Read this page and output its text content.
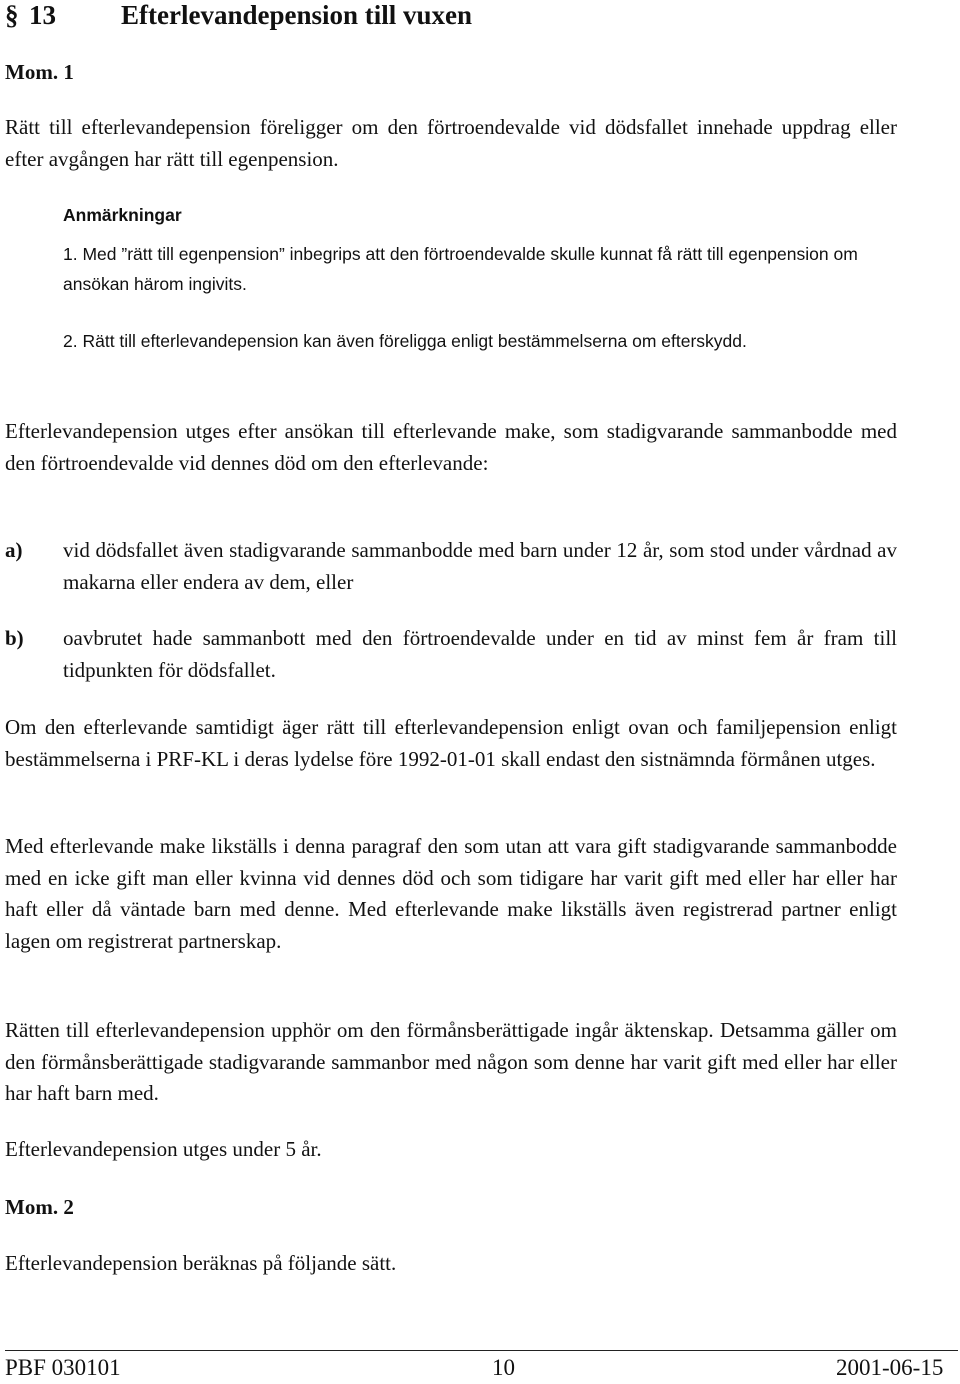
§ 13 Efterlevandepension till vuxen
Mom. 1
Rätt till efterlevandepension föreligger om den förtroendevalde vid dödsfallet innehade uppdrag eller efter avgången har rätt till egenpension.
Anmärkningar
1. Med ”rätt till egenpension” inbegrips att den förtroendevalde skulle kunnat få rätt till egenpension om ansökan härom ingivits.
2. Rätt till efterlevandepension kan även föreligga enligt bestämmelserna om efterskydd.
Efterlevandepension utges efter ansökan till efterlevande make, som stadigvarande sammanbodde med den förtroendevalde vid dennes död om den efterlevande:
a) vid dödsfallet även stadigvarande sammanbodde med barn under 12 år, som stod under vårdnad av makarna eller endera av dem, eller
b) oavbrutet hade sammanbott med den förtroendevalde under en tid av minst fem år fram till tidpunkten för dödsfallet.
Om den efterlevande samtidigt äger rätt till efterlevandepension enligt ovan och familjepension enligt bestämmelserna i PRF-KL i deras lydelse före 1992-01-01 skall endast den sistnämnda förmånen utges.
Med efterlevande make likställs i denna paragraf den som utan att vara gift stadigvarande sammanbodde med en icke gift man eller kvinna vid dennes död och som tidigare har varit gift med eller har eller har haft eller då väntade barn med denne. Med efterlevande make likställs även registrerad partner enligt lagen om registrerat partnerskap.
Rätten till efterlevandepension upphör om den förmånsberättigade ingår äktenskap. Detsamma gäller om den förmånsberättigade stadigvarande sammanbor med någon som denne har varit gift med eller har eller har haft barn med.
Efterlevandepension utges under 5 år.
Mom. 2
Efterlevandepension beräknas på följande sätt.
PBF 030101	10	2001-06-15
